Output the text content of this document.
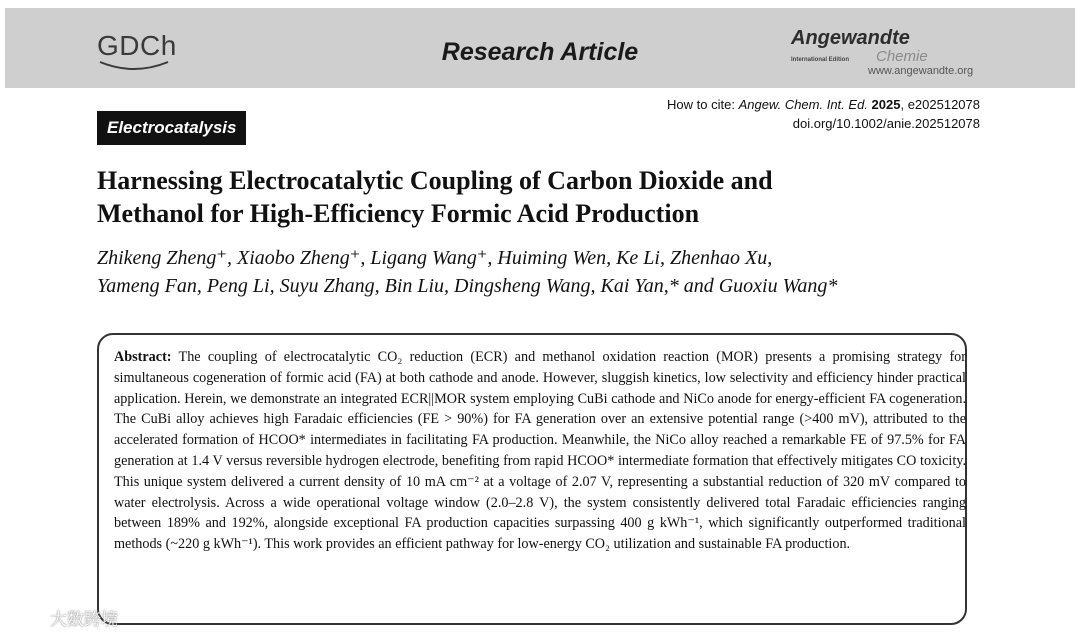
GDCh	Research Article	Angewandte
International Edition Chemie
www.angewandte.org
How to cite: Angew. Chem. Int. Ed. 2025, e202512078
doi.org/10.1002/anie.202512078
Electrocatalysis
Harnessing Electrocatalytic Coupling of Carbon Dioxide and
Methanol for High-Efficiency Formic Acid Production
Zhikeng Zheng⁺, Xiaobo Zheng⁺, Ligang Wang⁺, Huiming Wen, Ke Li, Zhenhao Xu,
Yameng Fan, Peng Li, Suyu Zhang, Bin Liu, Dingsheng Wang, Kai Yan,* and Guoxiu Wang*
Abstract: The coupling of electrocatalytic CO₂ reduction (ECR) and methanol oxidation reaction (MOR) presents a promising strategy for simultaneous cogeneration of formic acid (FA) at both cathode and anode. However, sluggish kinetics, low selectivity and efficiency hinder practical application. Herein, we demonstrate an integrated ECR||MOR system employing CuBi cathode and NiCo anode for energy-efficient FA cogeneration. The CuBi alloy achieves high Faradaic efficiencies (FE > 90%) for FA generation over an extensive potential range (>400 mV), attributed to the accelerated formation of HCOO* intermediates in facilitating FA production. Meanwhile, the NiCo alloy reached a remarkable FE of 97.5% for FA generation at 1.4 V versus reversible hydrogen electrode, benefiting from rapid HCOO* intermediate formation that effectively mitigates CO toxicity. This unique system delivered a current density of 10 mA cm⁻² at a voltage of 2.07 V, representing a substantial reduction of 320 mV compared to water electrolysis. Across a wide operational voltage window (2.0–2.8 V), the system consistently delivered total Faradaic efficiencies ranging between 189% and 192%, alongside exceptional FA production capacities surpassing 400 g kWh⁻¹, which significantly outperformed traditional methods (~220 g kWh⁻¹). This work provides an efficient pathway for low-energy CO₂ utilization and sustainable FA production.
大数跨境
